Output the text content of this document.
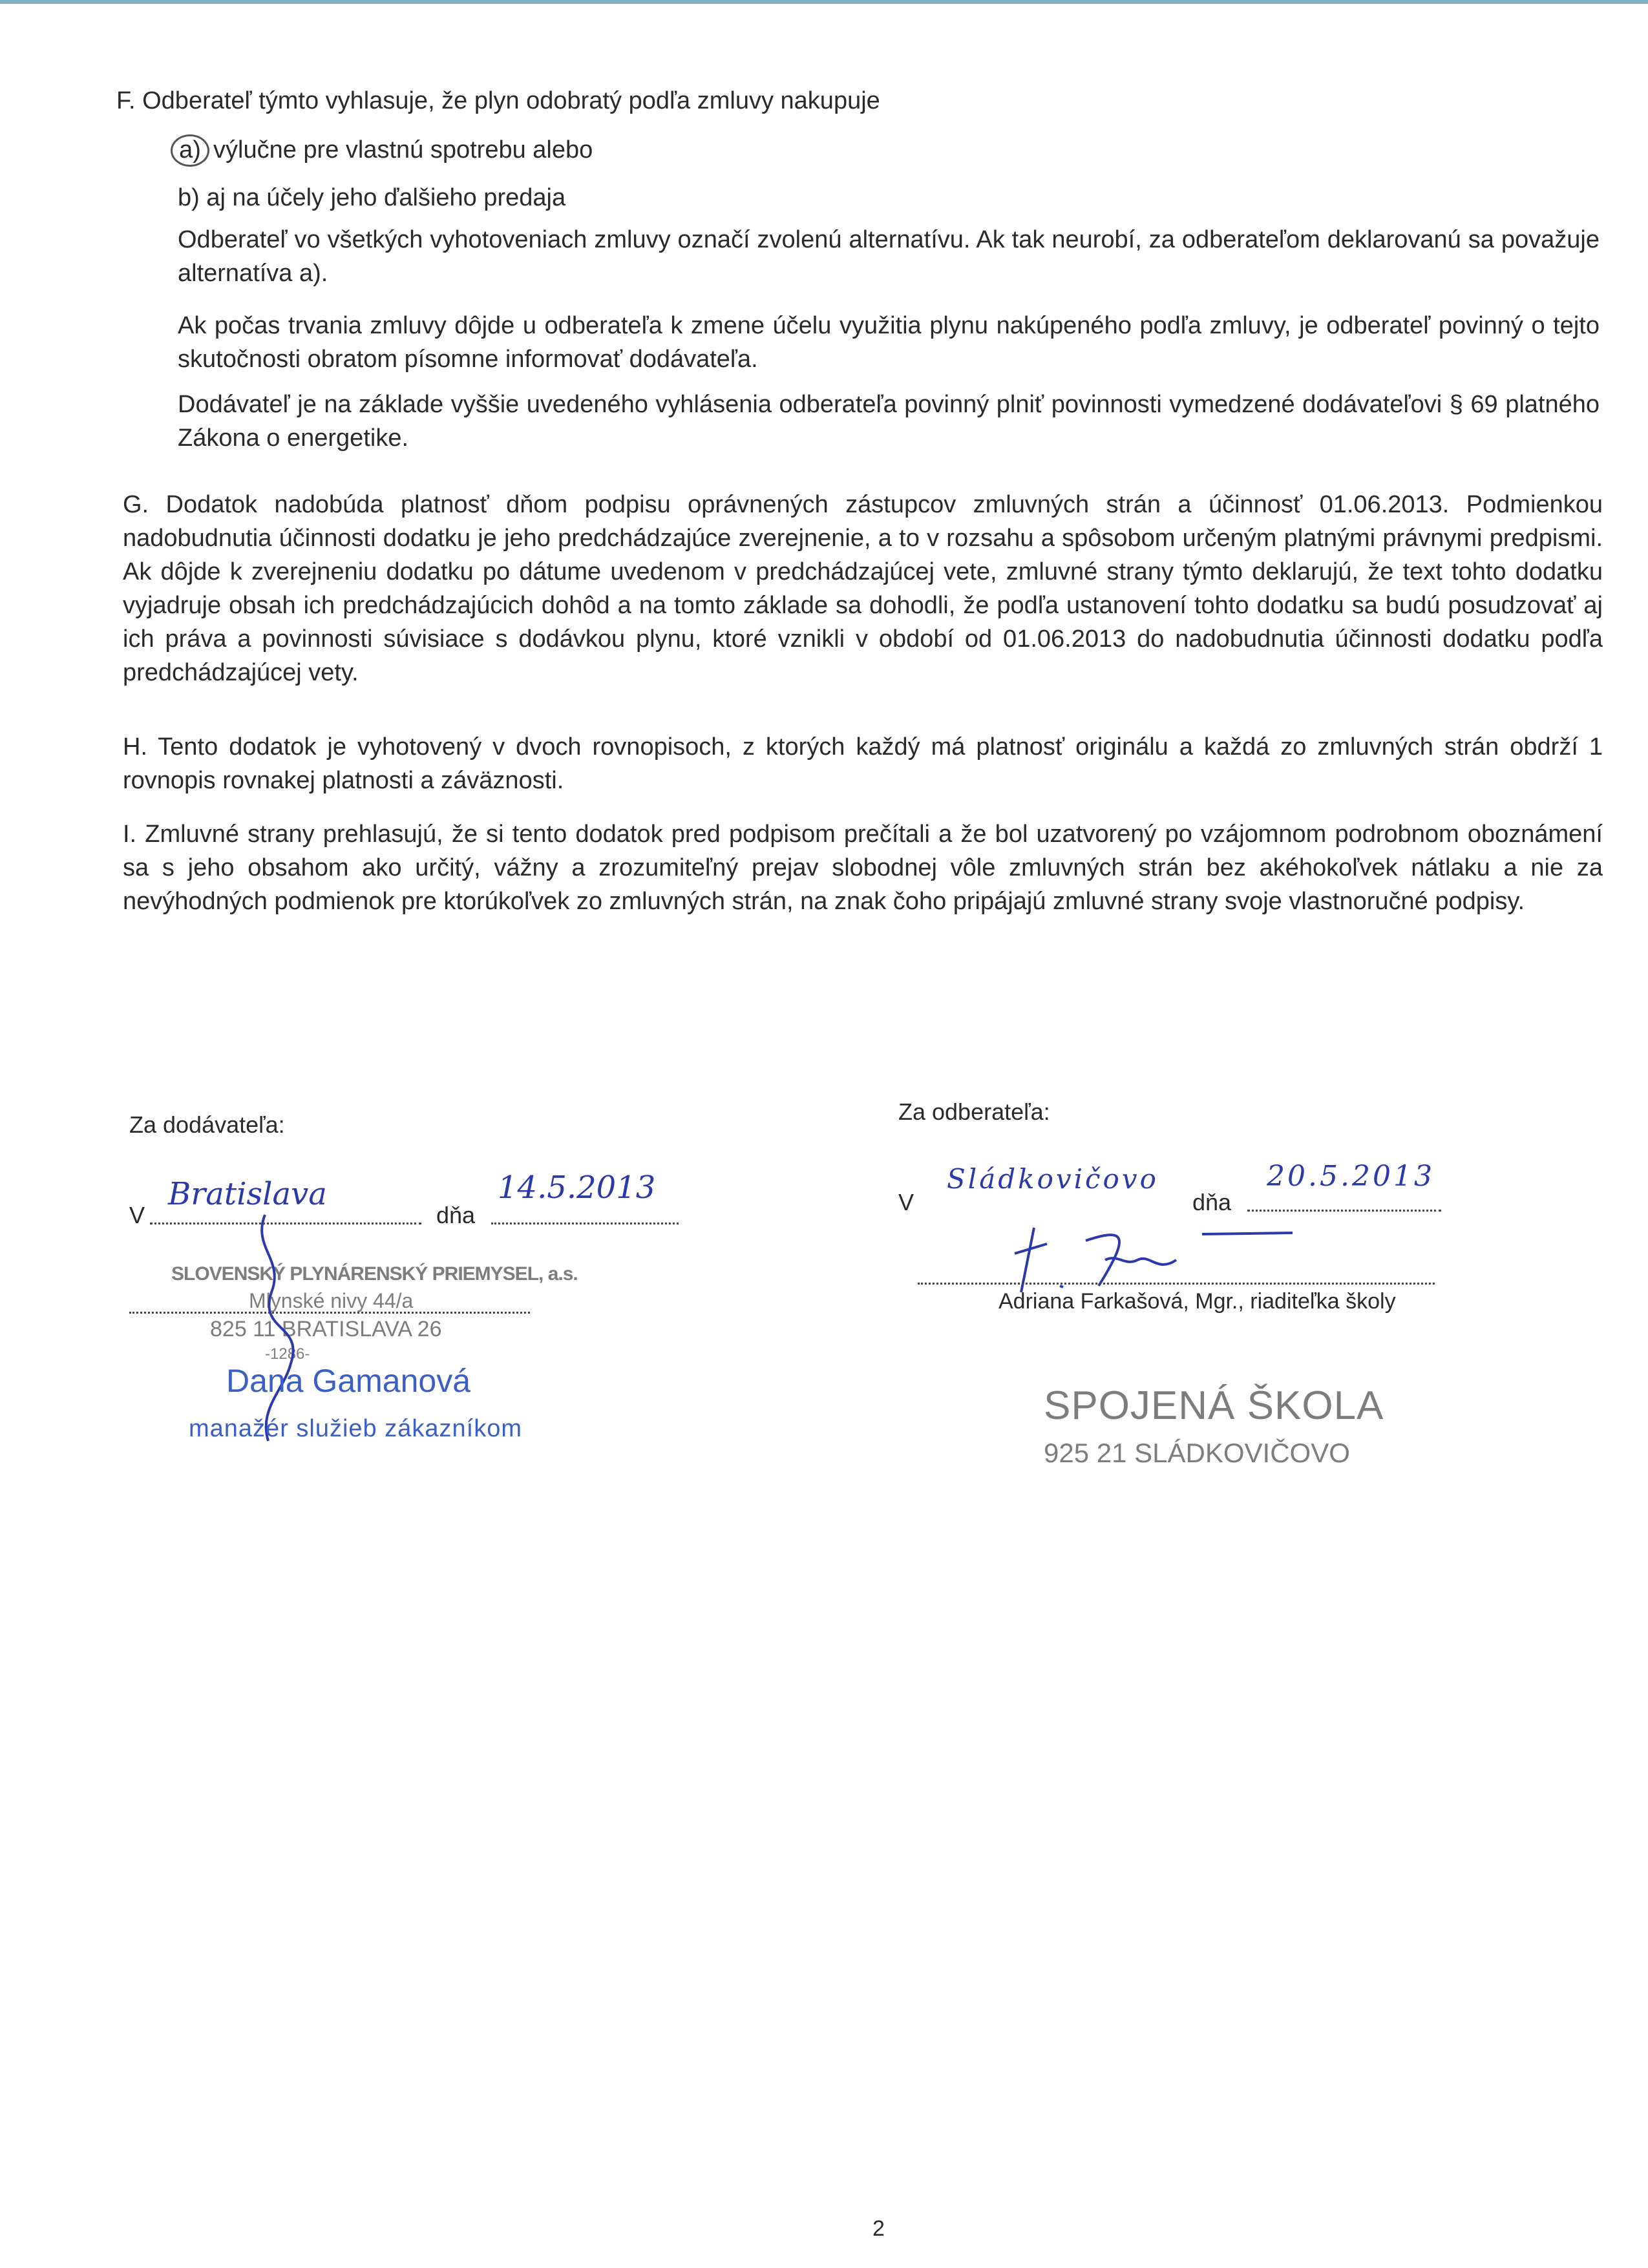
F. Odberateľ týmto vyhlasuje, že plyn odobratý podľa zmluvy nakupuje

a) výlučne pre vlastnú spotrebu alebo

b) aj na účely jeho ďalšieho predaja

Odberateľ vo všetkých vyhotoveniach zmluvy označí zvolenú alternatívu. Ak tak neurobí, za odberateľom deklarovanú sa považuje alternatíva a).

Ak počas trvania zmluvy dôjde u odberateľa k zmene účelu využitia plynu nakúpeného podľa zmluvy, je odberateľ povinný o tejto skutočnosti obratom písomne informovať dodávateľa.

Dodávateľ je na základe vyššie uvedeného vyhlásenia odberateľa povinný plniť povinnosti vymedzené dodávateľovi § 69 platného Zákona o energetike.

G. Dodatok nadobúda platnosť dňom podpisu oprávnených zástupcov zmluvných strán a účinnosť 01.06.2013. Podmienkou nadobudnutia účinnosti dodatku je jeho predchádzajúce zverejnenie, a to v rozsahu a spôsobom určeným platnými právnymi predpismi. Ak dôjde k zverejneniu dodatku po dátume uvedenom v predchádzajúcej vete, zmluvné strany týmto deklarujú, že text tohto dodatku vyjadruje obsah ich predchádzajúcich dohôd a na tomto základe sa dohodli, že podľa ustanovení tohto dodatku sa budú posudzovať aj ich práva a povinnosti súvisiace s dodávkou plynu, ktoré vznikli v období od 01.06.2013 do nadobudnutia účinnosti dodatku podľa predchádzajúcej vety.

H. Tento dodatok je vyhotovený v dvoch rovnopisoch, z ktorých každý má platnosť originálu a každá zo zmluvných strán obdrží 1 rovnopis rovnakej platnosti a záväznosti.

I. Zmluvné strany prehlasujú, že si tento dodatok pred podpisom prečítali a že bol uzatvorený po vzájomnom podrobnom oboznámení sa s jeho obsahom ako určitý, vážny a zrozumiteľný prejav slobodnej vôle zmluvných strán bez akéhokoľvek nátlaku a nie za nevýhodných podmienok pre ktorúkoľvek zo zmluvných strán, na znak čoho pripájajú zmluvné strany svoje vlastnoručné podpisy.

Za dodávateľa:
V
Bratislava
dňa
14.5.2013
SLOVENSKÝ PLYNÁRENSKÝ PRIEMYSEL, a.s.
Mlynské nivy 44/a
825 11 BRATISLAVA 26
-1286-
Dana Gamanová
manažér služieb zákazníkom
Za odberateľa:
V
Sládkovičovo
dňa
20.5.2013
Adriana Farkašová, Mgr., riaditeľka školy
SPOJENÁ ŠKOLA
925 21 SLÁDKOVIČOVO
2
